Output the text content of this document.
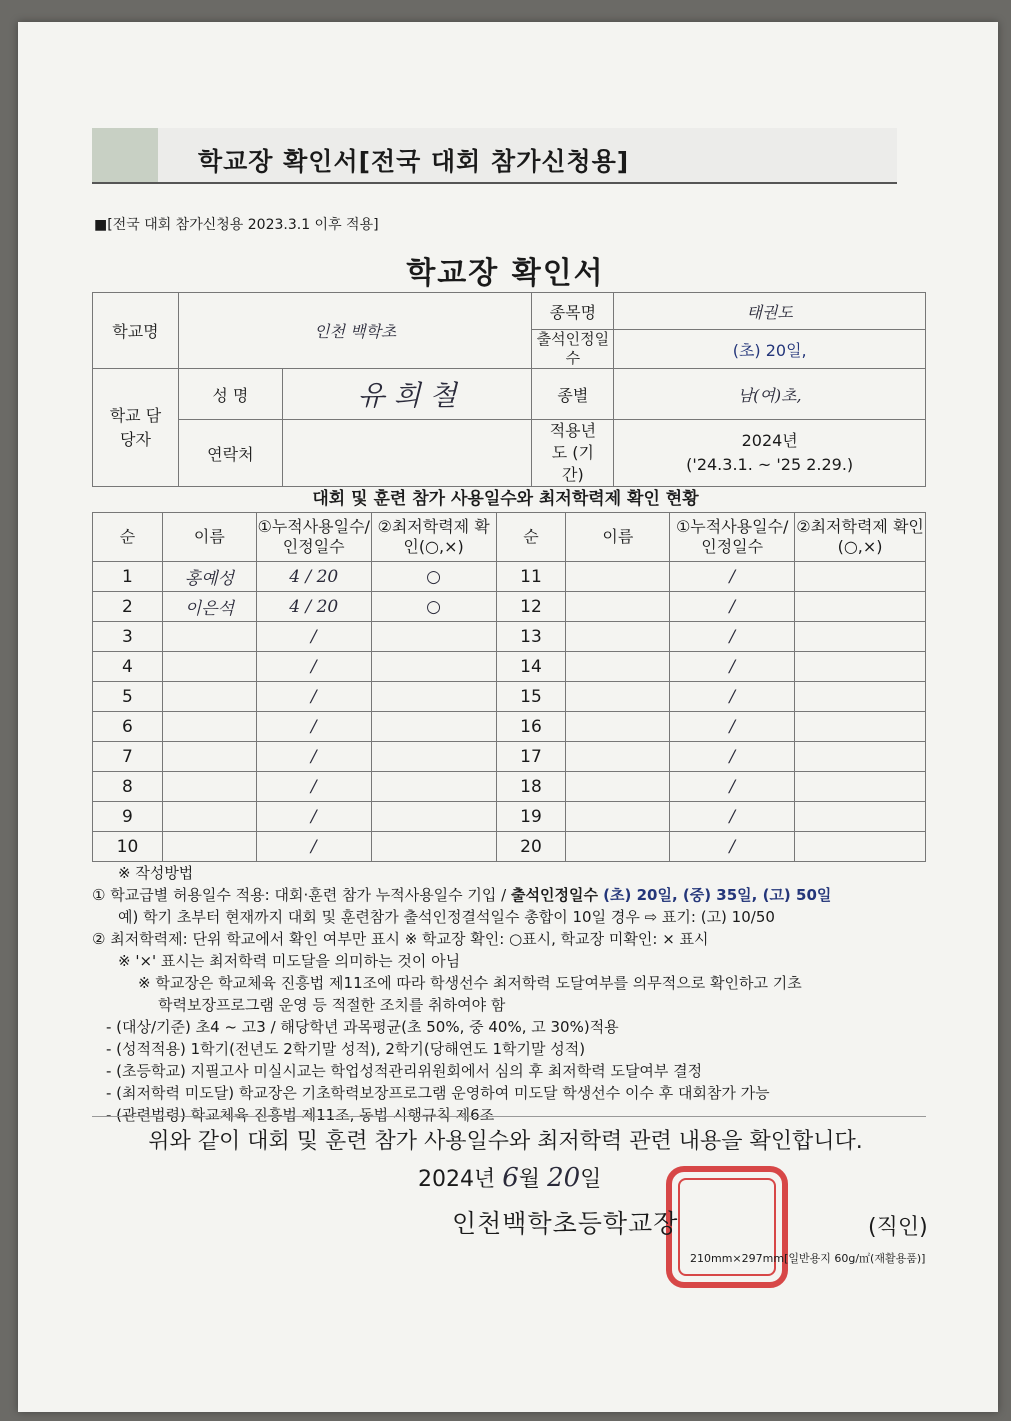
학교장 확인서[전국 대회 참가신청용]
■[전국 대회 참가신청용 2023.3.1 이후 적용]
학교장 확인서
학교명	인천 백학초		종목명	태권도
			출석인정일수	(초) 20일,
학교 담당자	성 명	유 희 철	종별	남(여)초,
	연락처		적용년도 (기간)	2024년
('24.3.1. ~ '25 2.29.)
대회 및 훈련 참가 사용일수와 최저학력제 확인 현황
순	이름	①누적사용일수/인정일수	②최저학력제 확인(○,×)	순	이름	①누적사용일수/인정일수	②최저학력제 확인(○,×)
1	홍예성	4 / 20	○	11		/	
2	이은석	4 / 20	○	12		/	
3		/		13		/	
4		/		14		/	
5		/		15		/	
6		/		16		/	
7		/		17		/	
8		/		18		/	
9		/		19		/	
10		/		20		/	

※ 작성방법

① 학교급별 허용일수 적용: 대회·훈련 참가 누적사용일수 기입 / 출석인정일수 (초) 20일, (중) 35일, (고) 50일

예) 학기 초부터 현재까지 대회 및 훈련참가 출석인정결석일수 총합이 10일 경우 ⇨ 표기: (고) 10/50

② 최저학력제: 단위 학교에서 확인 여부만 표시 ※ 학교장 확인: ○표시, 학교장 미확인: × 표시

※ '×' 표시는 최저학력 미도달을 의미하는 것이 아님

※ 학교장은 학교체육 진흥법 제11조에 따라 학생선수 최저학력 도달여부를 의무적으로 확인하고 기초

학력보장프로그램 운영 등 적절한 조치를 취하여야 함

- (대상/기준) 초4 ~ 고3 / 해당학년 과목평균(초 50%, 중 40%, 고 30%)적용

- (성적적용) 1학기(전년도 2학기말 성적), 2학기(당해연도 1학기말 성적)

- (초등학교) 지필고사 미실시교는 학업성적관리위원회에서 심의 후 최저학력 도달여부 결정

- (최저학력 미도달) 학교장은 기초학력보장프로그램 운영하여 미도달 학생선수 이수 후 대회참가 가능

- (관련법령) 학교체육 진흥법 제11조, 동법 시행규칙 제6조

위와 같이 대회 및 훈련 참가 사용일수와 최저학력 관련 내용을 확인합니다.
2024년 6월 20일
인천백학초등학교장	(직인)
210mm×297mm[일반용지 60g/㎡(재활용품)]
